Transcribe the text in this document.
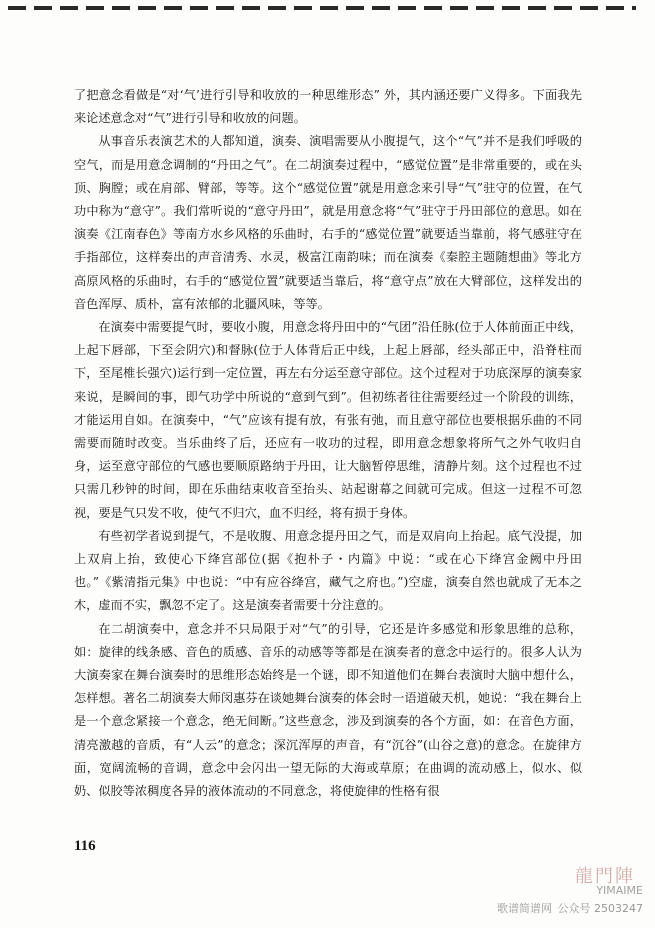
了把意念看做是“对‘气’进行引导和收放的一种思维形态” 外，其内涵还要广义得多。下面我先来论述意念对“气”进行引导和收放的问题。

从事音乐表演艺术的人都知道，演奏、演唱需要从小腹提气，这个“气”并不是我们呼吸的空气，而是用意念调制的“丹田之气”。在二胡演奏过程中，“感觉位置”是非常重要的，或在头顶、胸膛；或在肩部、臂部，等等。这个“感觉位置”就是用意念来引导“气”驻守的位置，在气功中称为“意守”。我们常听说的“意守丹田”，就是用意念将“气”驻守于丹田部位的意思。如在演奏《江南春色》等南方水乡风格的乐曲时，右手的“感觉位置”就要适当靠前，将气感驻守在手指部位，这样奏出的声音清秀、水灵，极富江南韵味；而在演奏《秦腔主题随想曲》等北方高原风格的乐曲时，右手的“感觉位置”就要适当靠后，将“意守点”放在大臂部位，这样发出的音色浑厚、质朴，富有浓郁的北疆风味，等等。

在演奏中需要提气时，要收小腹，用意念将丹田中的“气团”沿任脉(位于人体前面正中线，上起下唇部，下至会阴穴)和督脉(位于人体背后正中线，上起上唇部，经头部正中，沿脊柱而下，至尾椎长强穴)运行到一定位置，再左右分运至意守部位。这个过程对于功底深厚的演奏家来说，是瞬间的事，即气功学中所说的“意到气到”。但初练者往往需要经过一个阶段的训练，才能运用自如。在演奏中，“气”应该有提有放，有张有弛，而且意守部位也要根据乐曲的不同需要而随时改变。当乐曲终了后，还应有一收功的过程，即用意念想象将所气之外气收归自身，运至意守部位的气感也要顺原路纳于丹田，让大脑暂停思维，清静片刻。这个过程也不过只需几秒钟的时间，即在乐曲结束收音至抬头、站起谢幕之间就可完成。但这一过程不可忽视，要是气只发不收，使气不归穴，血不归经，将有损于身体。

有些初学者说到提气，不是收腹、用意念提丹田之气，而是双肩向上抬起。底气没提，加上双肩上抬，致使心下绛宫部位(据《抱朴子・内篇》中说：“或在心下绛宫金阙中丹田也。”《紫清指元集》中也说：“中有应谷绛宫，藏气之府也。”)空虚，演奏自然也就成了无本之木，虚而不实，飘忽不定了。这是演奏者需要十分注意的。

在二胡演奏中，意念并不只局限于对“气”的引导，它还是许多感觉和形象思维的总称，如：旋律的线条感、音色的质感、音乐的动感等等都是在演奏者的意念中运行的。很多人认为大演奏家在舞台演奏时的思维形态始终是一个谜，即不知道他们在舞台表演时大脑中想什么，怎样想。著名二胡演奏大师闵惠芬在谈她舞台演奏的体会时一语道破天机，她说：“我在舞台上是一个意念紧接一个意念，绝无间断。”这些意念，涉及到演奏的各个方面，如：在音色方面，清亮激越的音质，有“人云”的意念；深沉浑厚的声音，有“沉谷”(山谷之意)的意念。在旋律方面，宽阔流畅的音调，意念中会闪出一望无际的大海或草原；在曲调的流动感上，似水、似奶、似胶等浓稠度各异的液体流动的不同意念，将使旋律的性格有很

116
龍門陣
YIMAIME
歌谱简谱网 公众号 2503247
